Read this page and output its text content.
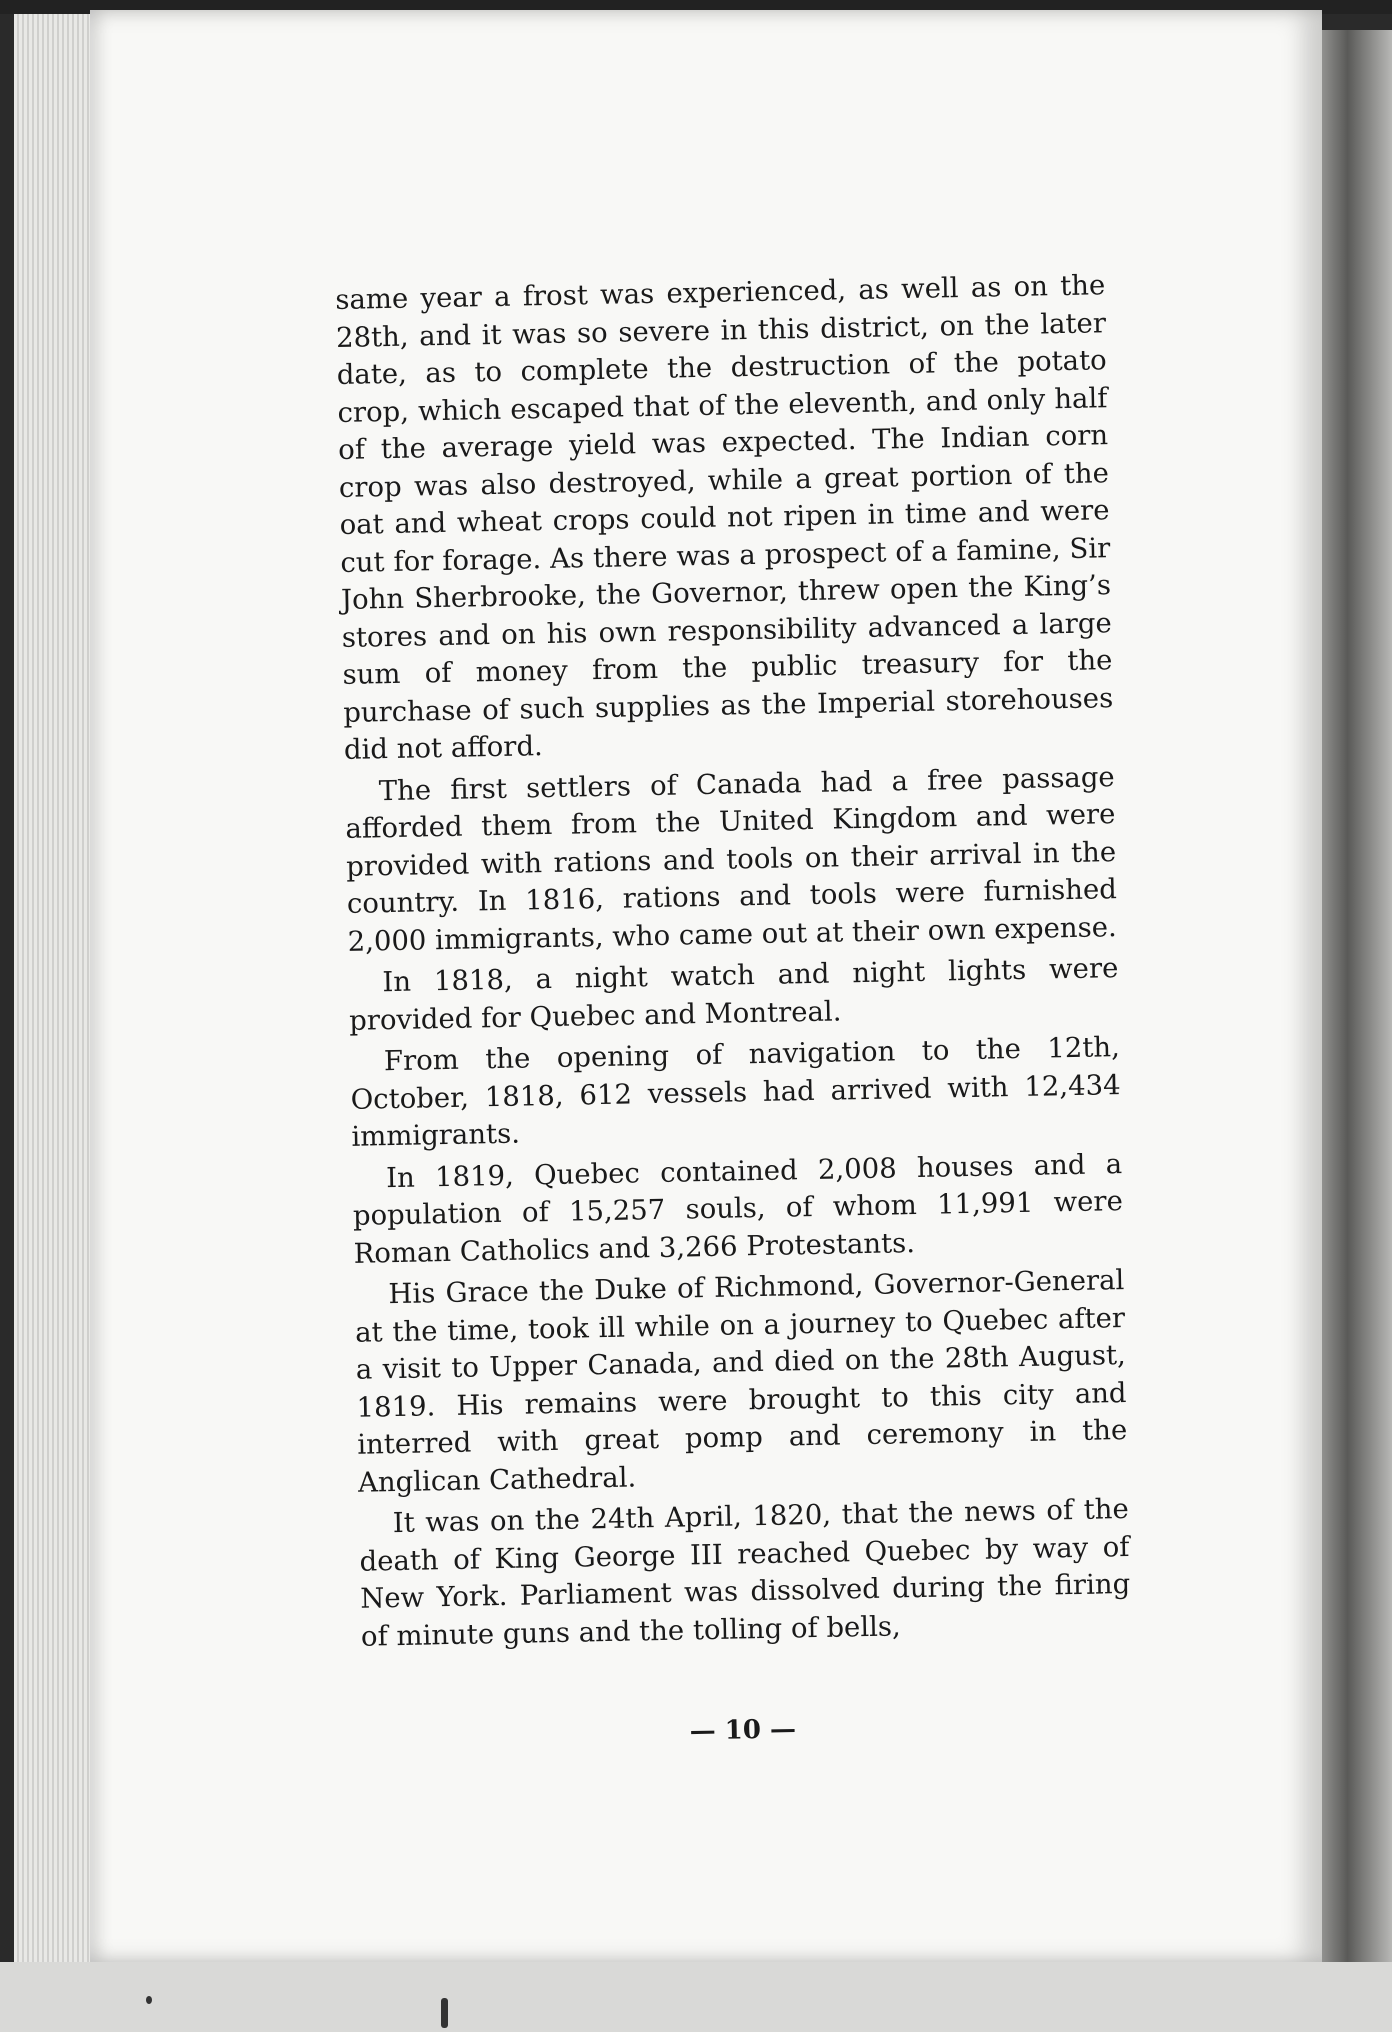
same year a frost was experienced, as well as on the 28th, and it was so severe in this district, on the later date, as to complete the destruction of the potato crop, which escaped that of the eleventh, and only half of the average yield was expected. The Indian corn crop was also destroyed, while a great portion of the oat and wheat crops could not ripen in time and were cut for forage. As there was a prospect of a famine, Sir John Sherbrooke, the Governor, threw open the King’s stores and on his own responsibility advanced a large sum of money from the public treasury for the purchase of such supplies as the Imperial storehouses did not afford.

The first settlers of Canada had a free passage afforded them from the United Kingdom and were provided with rations and tools on their arrival in the country. In 1816, rations and tools were furnished 2,000 immigrants, who came out at their own expense.

In 1818, a night watch and night lights were provided for Quebec and Montreal.

From the opening of navigation to the 12th, October, 1818, 612 vessels had arrived with 12,434 immigrants.

In 1819, Quebec contained 2,008 houses and a population of 15,257 souls, of whom 11,991 were Roman Catholics and 3,266 Protestants.

His Grace the Duke of Richmond, Governor-General at the time, took ill while on a journey to Quebec after a visit to Upper Canada, and died on the 28th August, 1819. His remains were brought to this city and interred with great pomp and ceremony in the Anglican Cathedral.

It was on the 24th April, 1820, that the news of the death of King George III reached Quebec by way of New York. Parliament was dissolved during the firing of minute guns and the tolling of bells,

— 10 —
